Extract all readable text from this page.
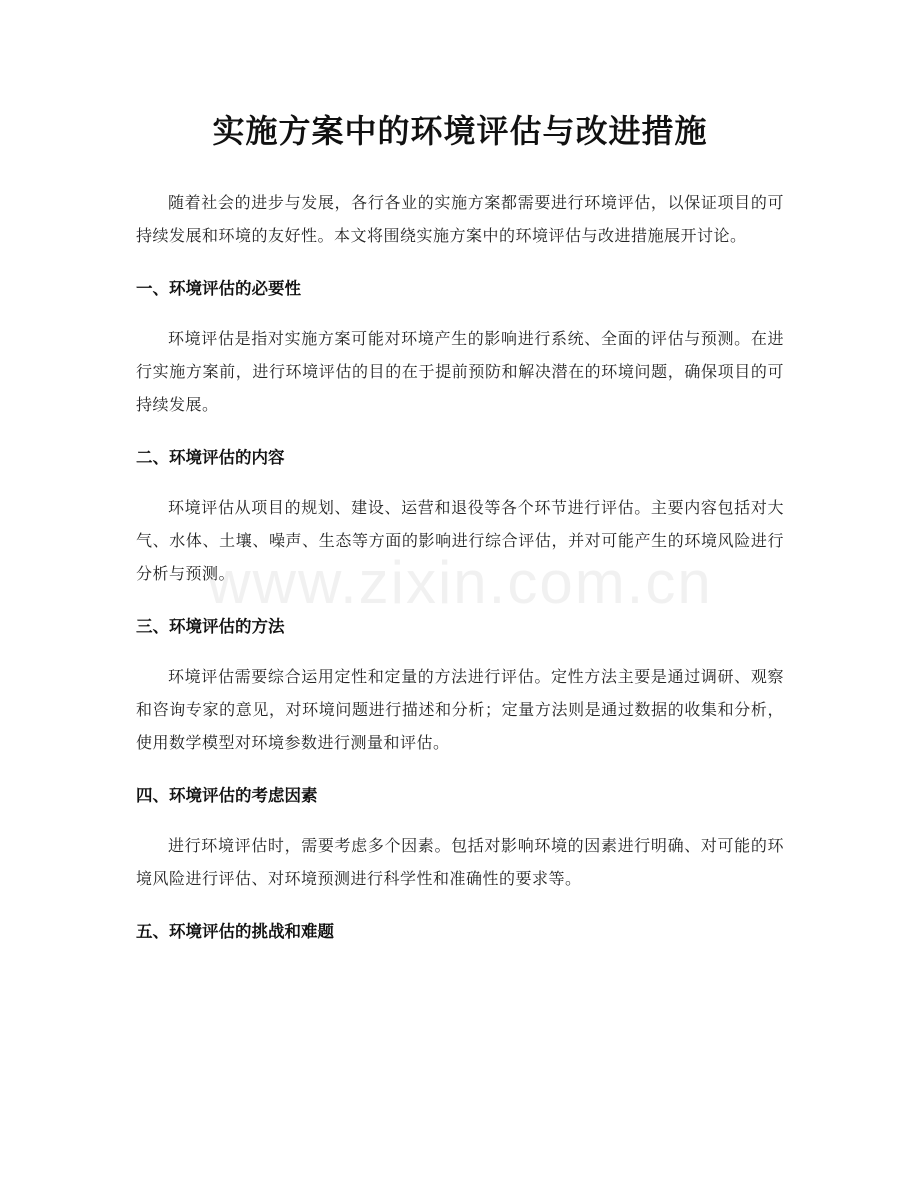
实施方案中的环境评估与改进措施
www.zixin.com.cn

随着社会的进步与发展，各行各业的实施方案都需要进行环境评估，以保证项目的可持续发展和环境的友好性。本文将围绕实施方案中的环境评估与改进措施展开讨论。

一、环境评估的必要性

环境评估是指对实施方案可能对环境产生的影响进行系统、全面的评估与预测。在进行实施方案前，进行环境评估的目的在于提前预防和解决潜在的环境问题，确保项目的可持续发展。

二、环境评估的内容

环境评估从项目的规划、建设、运营和退役等各个环节进行评估。主要内容包括对大气、水体、土壤、噪声、生态等方面的影响进行综合评估，并对可能产生的环境风险进行分析与预测。

三、环境评估的方法

环境评估需要综合运用定性和定量的方法进行评估。定性方法主要是通过调研、观察和咨询专家的意见，对环境问题进行描述和分析；定量方法则是通过数据的收集和分析，使用数学模型对环境参数进行测量和评估。

四、环境评估的考虑因素

进行环境评估时，需要考虑多个因素。包括对影响环境的因素进行明确、对可能的环境风险进行评估、对环境预测进行科学性和准确性的要求等。

五、环境评估的挑战和难题
